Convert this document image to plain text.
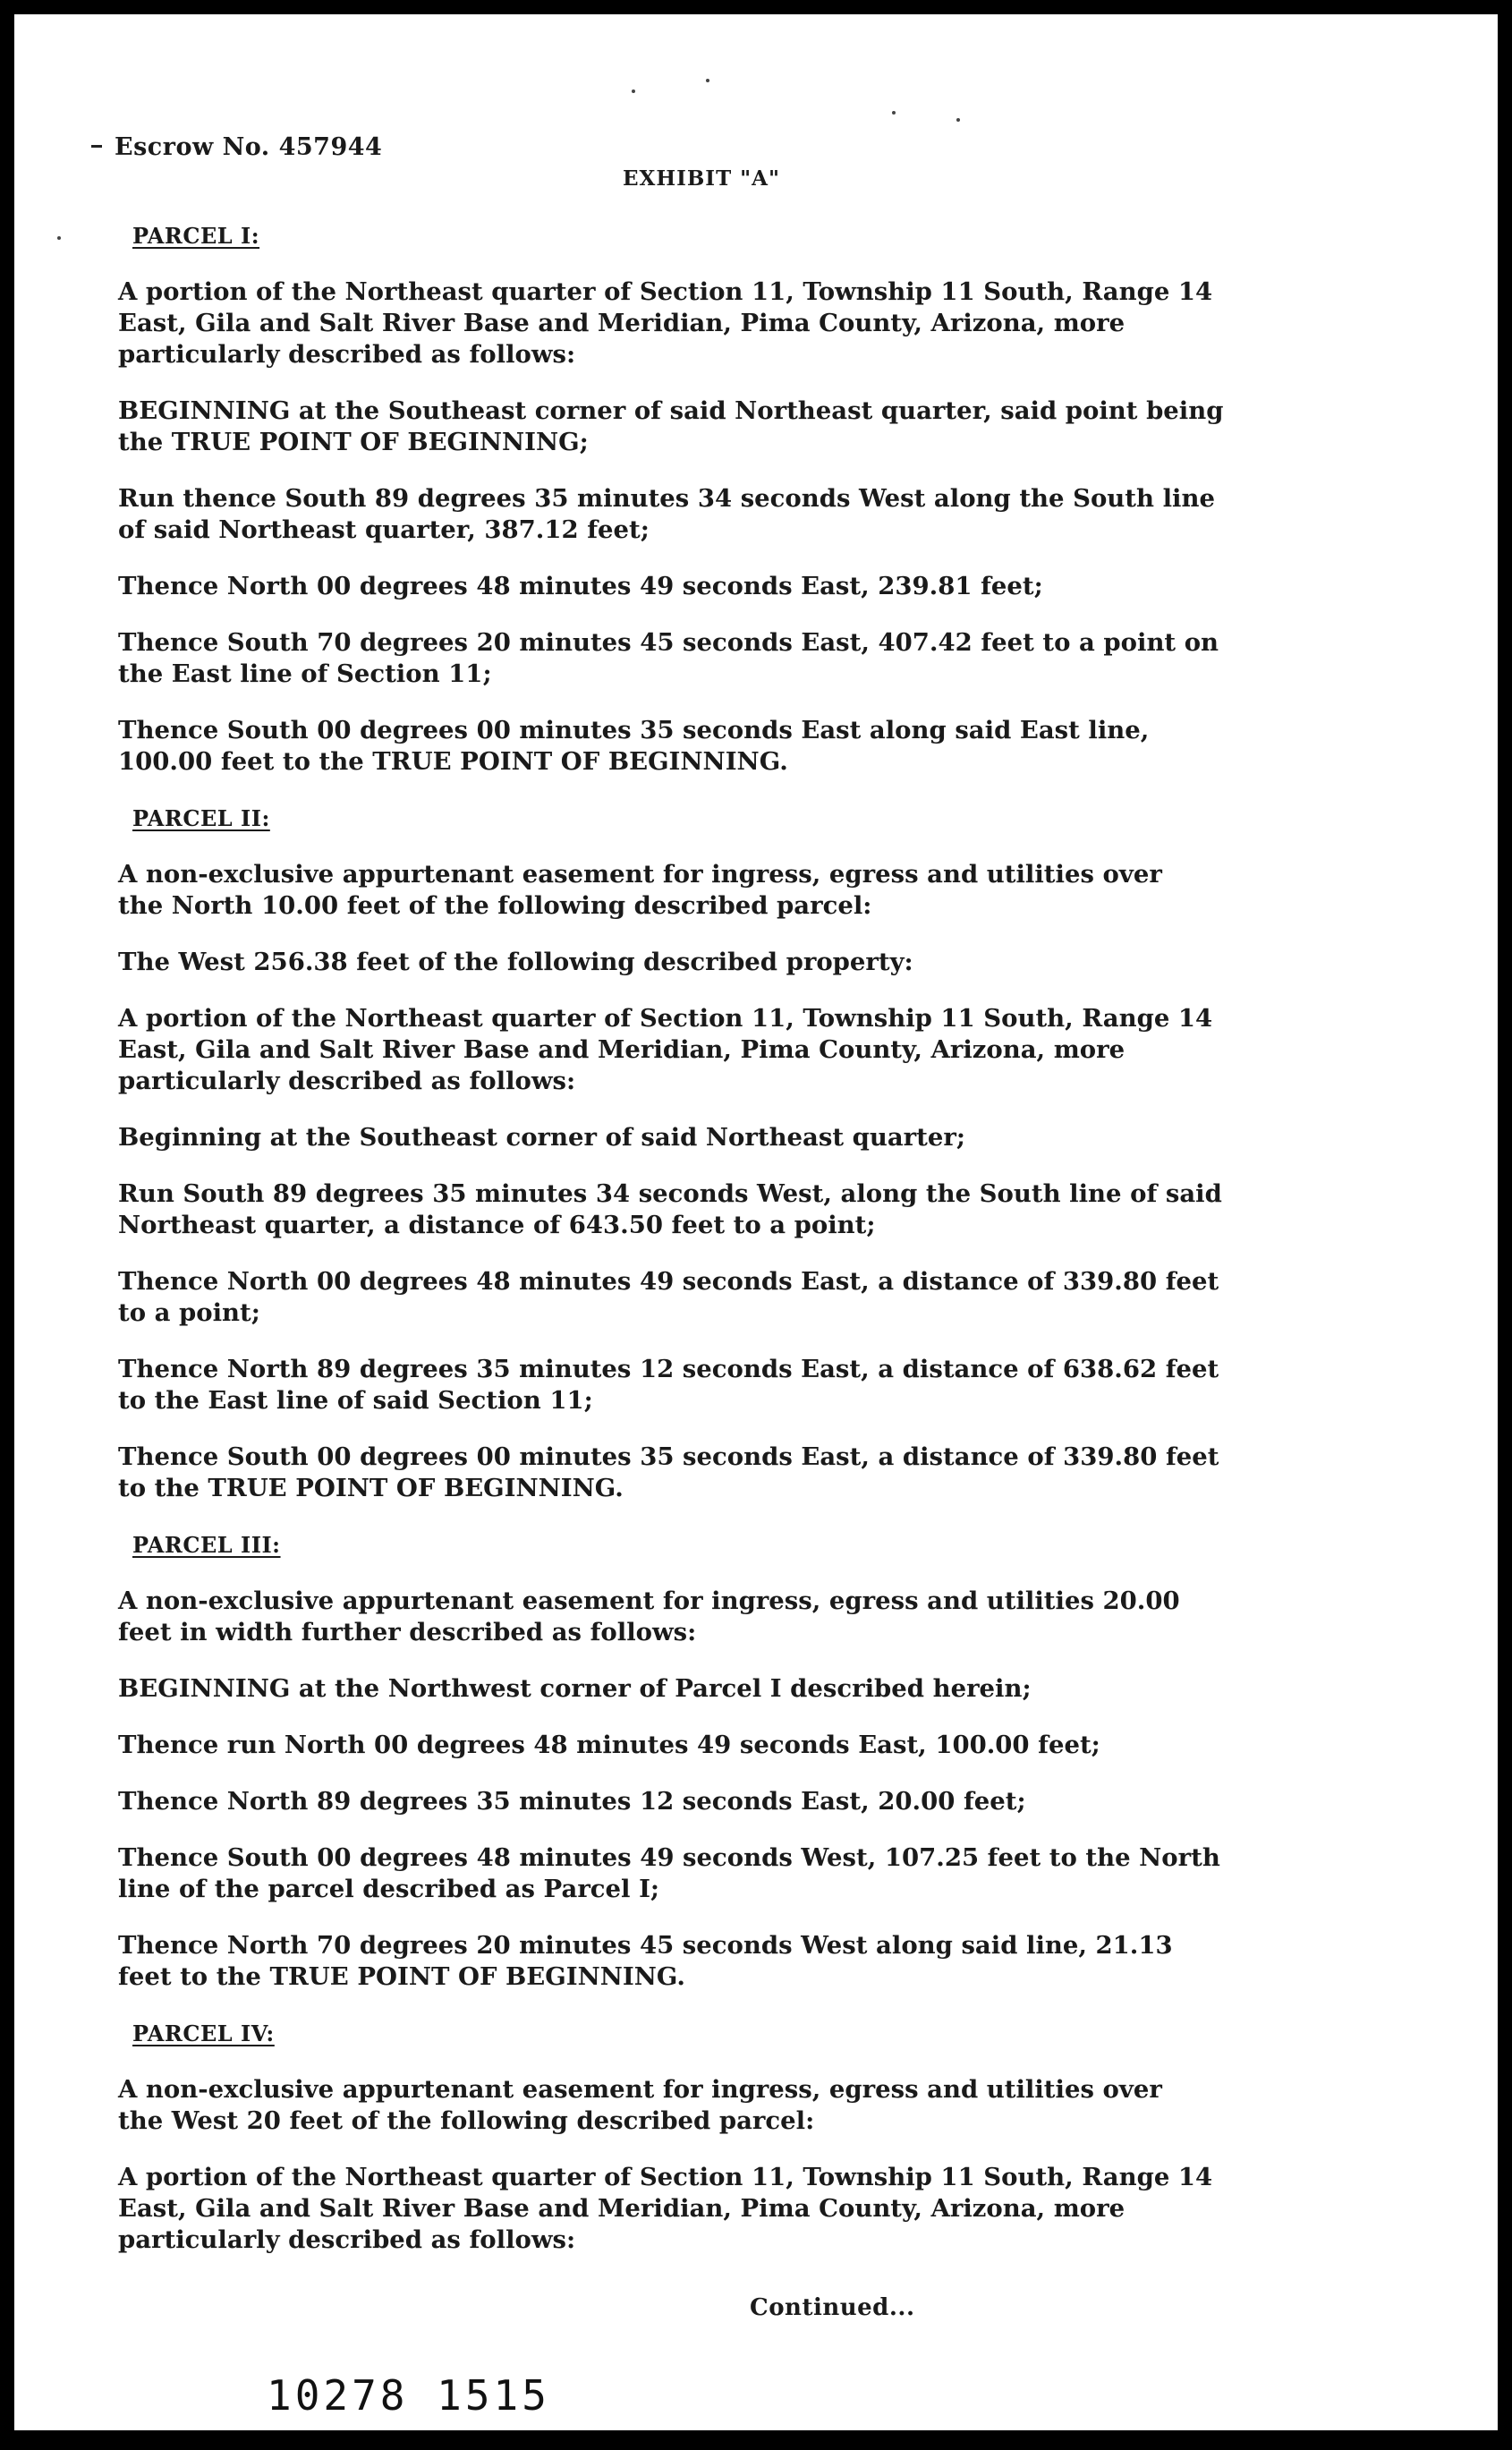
Escrow No. 457944
EXHIBIT "A"
PARCEL I:
A portion of the Northeast quarter of Section 11, Township 11 South, Range 14
East, Gila and Salt River Base and Meridian, Pima County, Arizona, more
particularly described as follows:
BEGINNING at the Southeast corner of said Northeast quarter, said point being
the TRUE POINT OF BEGINNING;
Run thence South 89 degrees 35 minutes 34 seconds West along the South line
of said Northeast quarter, 387.12 feet;
Thence North 00 degrees 48 minutes 49 seconds East, 239.81 feet;
Thence South 70 degrees 20 minutes 45 seconds East, 407.42 feet to a point on
the East line of Section 11;
Thence South 00 degrees 00 minutes 35 seconds East along said East line,
100.00 feet to the TRUE POINT OF BEGINNING.
PARCEL II:
A non-exclusive appurtenant easement for ingress, egress and utilities over
the North 10.00 feet of the following described parcel:
The West 256.38 feet of the following described property:
A portion of the Northeast quarter of Section 11, Township 11 South, Range 14
East, Gila and Salt River Base and Meridian, Pima County, Arizona, more
particularly described as follows:
Beginning at the Southeast corner of said Northeast quarter;
Run South 89 degrees 35 minutes 34 seconds West, along the South line of said
Northeast quarter, a distance of 643.50 feet to a point;
Thence North 00 degrees 48 minutes 49 seconds East, a distance of 339.80 feet
to a point;
Thence North 89 degrees 35 minutes 12 seconds East, a distance of 638.62 feet
to the East line of said Section 11;
Thence South 00 degrees 00 minutes 35 seconds East, a distance of 339.80 feet
to the TRUE POINT OF BEGINNING.
PARCEL III:
A non-exclusive appurtenant easement for ingress, egress and utilities 20.00
feet in width further described as follows:
BEGINNING at the Northwest corner of Parcel I described herein;
Thence run North 00 degrees 48 minutes 49 seconds East, 100.00 feet;
Thence North 89 degrees 35 minutes 12 seconds East, 20.00 feet;
Thence South 00 degrees 48 minutes 49 seconds West, 107.25 feet to the North
line of the parcel described as Parcel I;
Thence North 70 degrees 20 minutes 45 seconds West along said line, 21.13
feet to the TRUE POINT OF BEGINNING.
PARCEL IV:
A non-exclusive appurtenant easement for ingress, egress and utilities over
the West 20 feet of the following described parcel:
A portion of the Northeast quarter of Section 11, Township 11 South, Range 14
East, Gila and Salt River Base and Meridian, Pima County, Arizona, more
particularly described as follows:
Continued...
10278 1515
